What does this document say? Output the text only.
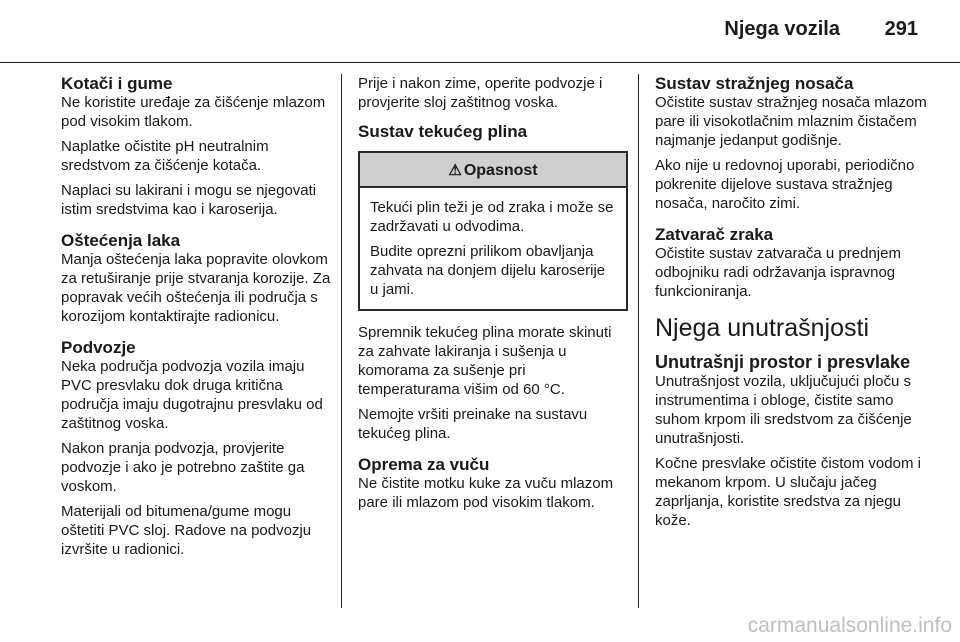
Njega vozila 291
Kotači i gume

Ne koristite uređaje za čišćenje mlazom pod visokim tlakom.

Naplatke očistite pH neutralnim sredstvom za čišćenje kotača.

Naplaci su lakirani i mogu se njegovati istim sredstvima kao i karoserija.

Oštećenja laka

Manja oštećenja laka popravite olovkom za retuširanje prije stvaranja korozije. Za popravak većih oštećenja ili područja s korozijom kontaktirajte radionicu.

Podvozje

Neka područja podvozja vozila imaju PVC presvlaku dok druga kritična područja imaju dugotrajnu presvlaku od zaštitnog voska.

Nakon pranja podvozja, provjerite podvozje i ako je potrebno zaštite ga voskom.

Materijali od bitumena/gume mogu oštetiti PVC sloj. Radove na podvozju izvršite u radionici.

Prije i nakon zime, operite podvozje i provjerite sloj zaštitnog voska.

Sustav tekućeg plina
⚠ Opasnost

Tekući plin teži je od zraka i može se zadržavati u odvodima.

Budite oprezni prilikom obavljanja zahvata na donjem dijelu karoserije u jami.

Spremnik tekućeg plina morate skinuti za zahvate lakiranja i sušenja u komorama za sušenje pri temperaturama višim od 60 °C.

Nemojte vršiti preinake na sustavu tekućeg plina.

Oprema za vuču

Ne čistite motku kuke za vuču mlazom pare ili mlazom pod visokim tlakom.

Sustav stražnjeg nosača

Očistite sustav stražnjeg nosača mlazom pare ili visokotlačnim mlaznim čistačem najmanje jedanput godišnje.

Ako nije u redovnoj uporabi, periodično pokrenite dijelove sustava stražnjeg nosača, naročito zimi.

Zatvarač zraka

Očistite sustav zatvarača u prednjem odbojniku radi održavanja ispravnog funkcioniranja.

Njega unutrašnjosti
Unutrašnji prostor i presvlake

Unutrašnjost vozila, uključujući ploču s instrumentima i obloge, čistite samo suhom krpom ili sredstvom za čišćenje unutrašnjosti.

Kočne presvlake očistite čistom vodom i mekanom krpom. U slučaju jačeg zaprljanja, koristite sredstva za njegu kože.

carmanualsonline.info
